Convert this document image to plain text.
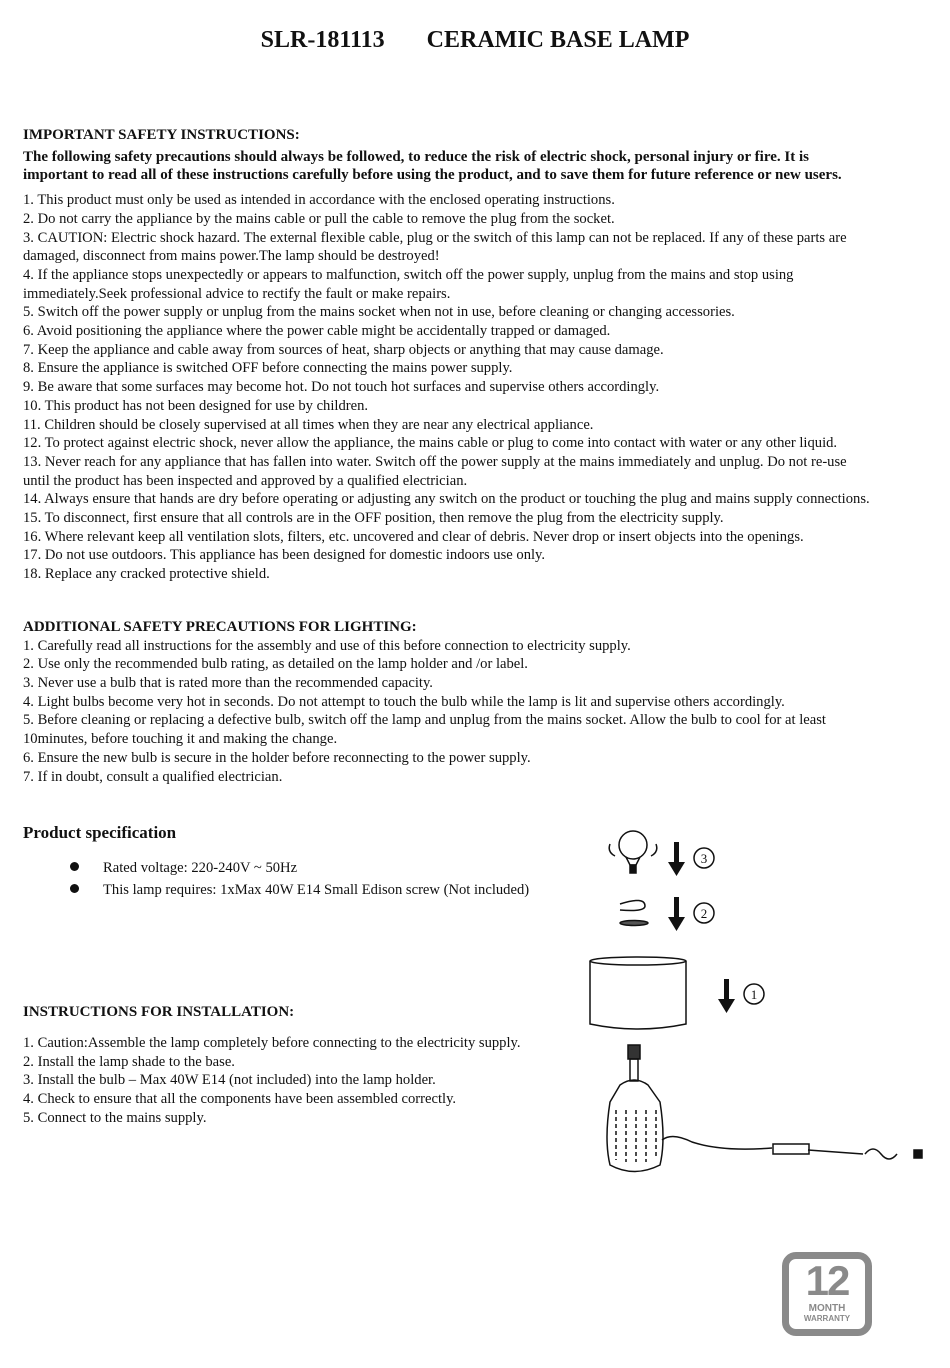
SLR-181113       CERAMIC BASE LAMP
IMPORTANT SAFETY INSTRUCTIONS:
The following safety precautions should always be followed, to reduce the risk of electric shock, personal injury or fire. It is important to read all of these instructions carefully before using the product, and to save them for future reference or new users.
1. This product must only be used as intended in accordance with the enclosed operating instructions.
2. Do not carry the appliance by the mains cable or pull the cable to remove the plug from the socket.
3. CAUTION: Electric shock hazard. The external flexible cable, plug or the switch of this lamp can not be replaced. If any of these parts are damaged, disconnect from mains power.The lamp should be destroyed!
4. If the appliance stops unexpectedly or appears to malfunction, switch off the power supply, unplug from the mains and stop using immediately.Seek professional advice to rectify the fault or make repairs.
5. Switch off the power supply or unplug from the mains socket when not in use, before cleaning or changing accessories.
6. Avoid positioning the appliance where the power cable might be accidentally trapped or damaged.
7. Keep the appliance and cable away from sources of heat, sharp objects or anything that may cause damage.
8. Ensure the appliance is switched OFF before connecting the mains power supply.
9. Be aware that some surfaces may become hot. Do not touch hot surfaces and supervise others accordingly.
10. This product has not been designed for use by children.
11. Children should be closely supervised at all times when they are near any electrical appliance.
12. To protect against electric shock, never allow the appliance, the mains cable or plug to come into contact with water or any other liquid.
13. Never reach for any appliance that has fallen into water. Switch off the power supply at the mains immediately and unplug. Do not re-use until the product has been inspected and approved by a qualified electrician.
14. Always ensure that hands are dry before operating or adjusting any switch on the product or touching the plug and mains supply connections.
15. To disconnect, first ensure that all controls are in the OFF position, then remove the plug from the electricity supply.
16. Where relevant keep all ventilation slots, filters, etc. uncovered and clear of debris. Never drop or insert objects into the openings.
17. Do not use outdoors. This appliance has been designed for domestic indoors use only.
18. Replace any cracked protective shield.
ADDITIONAL SAFETY PRECAUTIONS FOR LIGHTING:
1. Carefully read all instructions for the assembly and use of this before connection to electricity supply.
2. Use only the recommended bulb rating, as detailed on the lamp holder and /or label.
3. Never use a bulb that is rated more than the recommended capacity.
4. Light bulbs become very hot in seconds. Do not attempt to touch the bulb while the lamp is lit and supervise others accordingly.
5. Before cleaning or replacing a defective bulb, switch off the lamp and unplug from the mains socket. Allow the bulb to cool for at least 10minutes, before touching it and making the change.
6. Ensure the new bulb is secure in the holder before reconnecting to the power supply.
7. If in doubt, consult a qualified electrician.
Product specification
Rated voltage: 220-240V ~ 50Hz
This lamp requires: 1xMax 40W E14 Small Edison screw (Not included)
INSTRUCTIONS FOR INSTALLATION:
1. Caution:Assemble the lamp completely before connecting to the electricity supply.
2. Install the lamp shade to the base.
3. Install the bulb – Max 40W E14 (not included) into the lamp holder.
4. Check to ensure that all the components have been assembled correctly.
5. Connect to the mains supply.
3
2
1
12
MONTH
WARRANTY
